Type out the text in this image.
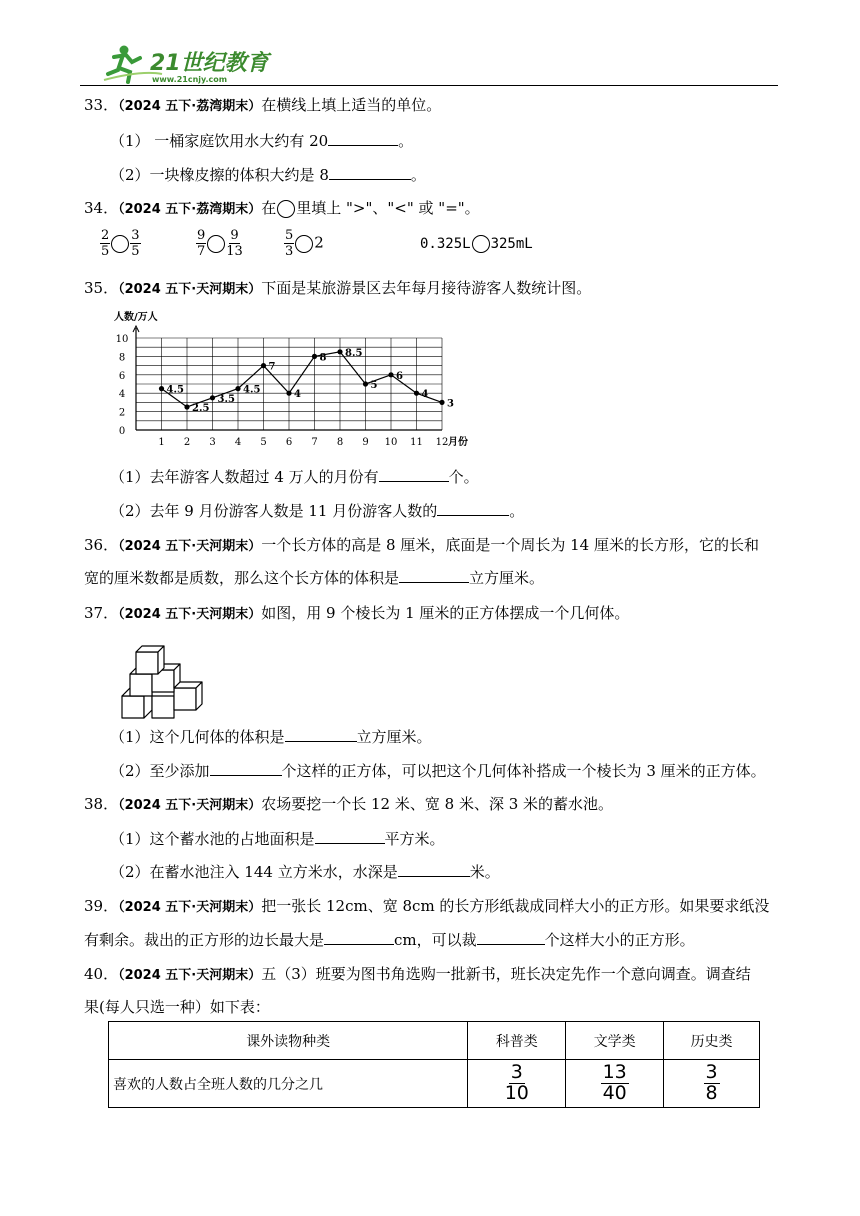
21世纪教育
www.21cnjy.com
33．（2024 五下·荔湾期末）在横线上填上适当的单位。
（1） 一桶家庭饮用水大约有 20	。
（2）一块橡皮擦的体积大约是 8	。
34．（2024 五下·荔湾期末）在 里填上 ">"、"<" 或 "="。
$\frac{2}{5} \frac{3}{5}$	$\frac{9}{7} \frac{9}{13}$	$\frac{5}{3} 2$	0.325L 325mL
35．（2024 五下·天河期末）下面是某旅游景区去年每月接待游客人数统计图。
0
2
4
6
8
10
1 2 3 4 5 6 7 8 9 10 11 12
人数/万人
月份
4.5
2.5
3.5
4.5
7
4
8 8.5
5
6
4
3
（1）去年游客人数超过 4 万人的月份有	个。
（2）去年 9 月份游客人数是 11 月份游客人数的	。
36．（2024 五下·天河期末）一个长方体的高是 8 厘米，底面是一个周长为 14 厘米的长方形，它的长和
宽的厘米数都是质数，那么这个长方体的体积是	立方厘米。
37．（2024 五下·天河期末）如图，用 9 个棱长为 1 厘米的正方体摆成一个几何体。
（1）这个几何体的体积是	立方厘米。
（2）至少添加	个这样的正方体，可以把这个几何体补搭成一个棱长为 3 厘米的正方体。
38．（2024 五下·天河期末）农场要挖一个长 12 米、宽 8 米、深 3 米的蓄水池。
（1）这个蓄水池的占地面积是	平方米。
（2）在蓄水池注入 144 立方米水，水深是	米。
39．（2024 五下·天河期末）把一张长 12cm、宽 8cm 的长方形纸裁成同样大小的正方形。如果要求纸没
有剩余。裁出的正方形的边长最大是	cm，可以裁	个这样大小的正方形。
40．（2024 五下·天河期末）五（3）班要为图书角选购一批新书，班长决定先作一个意向调查。调查结
果(每人只选一种）如下表：
课外读物种类	科普类	文学类	历史类
喜欢的人数占全班人数的几分之几	$\frac{3}{10}$	$\frac{13}{40}$	$\frac{3}{8}$
